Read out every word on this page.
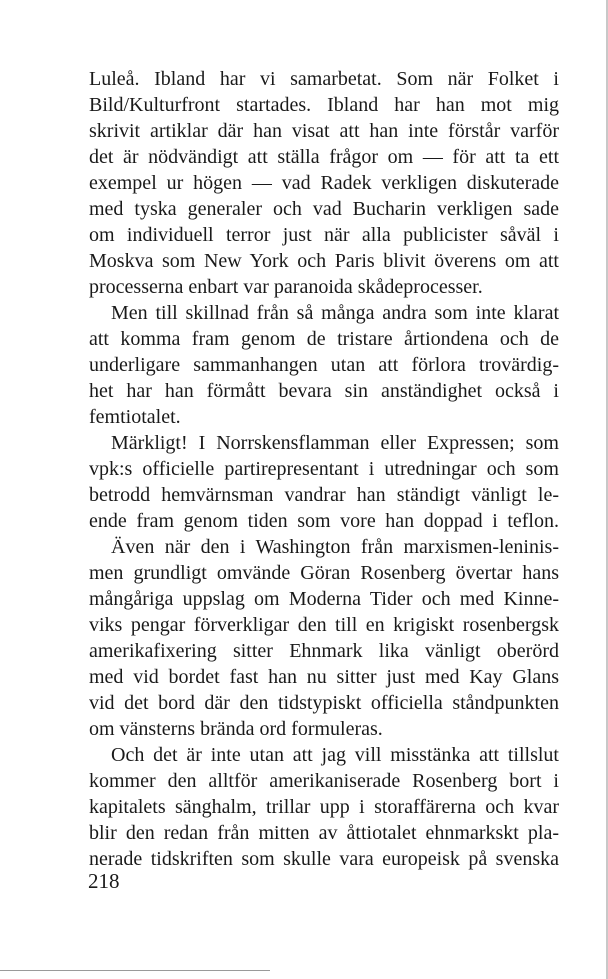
Luleå. Ibland har vi samarbetat. Som när Folket i
Bild/Kulturfront startades. Ibland har han mot mig
skrivit artiklar där han visat att han inte förstår varför
det är nödvändigt att ställa frågor om — för att ta ett
exempel ur högen — vad Radek verkligen diskuterade
med tyska generaler och vad Bucharin verkligen sade
om individuell terror just när alla publicister såväl i
Moskva som New York och Paris blivit överens om att
processerna enbart var paranoida skådeprocesser.
Men till skillnad från så många andra som inte klarat
att komma fram genom de tristare årtiondena och de
underligare sammanhangen utan att förlora trovärdig-
het har han förmått bevara sin anständighet också i
femtiotalet.
Märkligt! I Norrskensflamman eller Expressen; som
vpk:s officielle partirepresentant i utredningar och som
betrodd hemvärnsman vandrar han ständigt vänligt le-
ende fram genom tiden som vore han doppad i teflon.
Även när den i Washington från marxismen-leninis-
men grundligt omvände Göran Rosenberg övertar hans
mångåriga uppslag om Moderna Tider och med Kinne-
viks pengar förverkligar den till en krigiskt rosenbergsk
amerikafixering sitter Ehnmark lika vänligt oberörd
med vid bordet fast han nu sitter just med Kay Glans
vid det bord där den tidstypiskt officiella ståndpunkten
om vänsterns brända ord formuleras.
Och det är inte utan att jag vill misstänka att tillslut
kommer den alltför amerikaniserade Rosenberg bort i
kapitalets sänghalm, trillar upp i storaffärerna och kvar
blir den redan från mitten av åttiotalet ehnmarkskt pla-
nerade tidskriften som skulle vara europeisk på svenska
218
